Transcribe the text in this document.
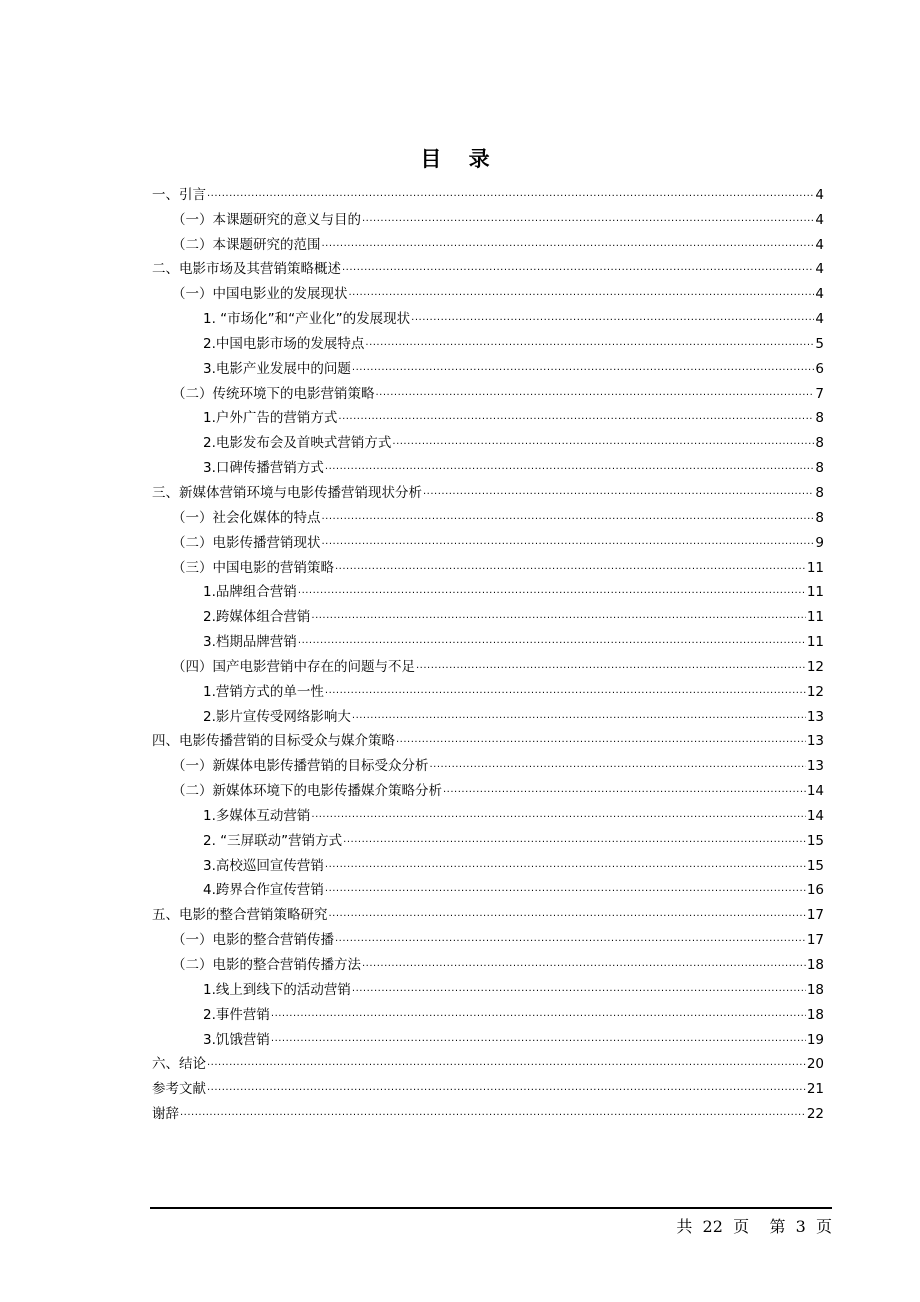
目 录
一、引言 .....	4
（一）本课题研究的意义与目的 .....	4
（二）本课题研究的范围 .....	4
二、电影市场及其营销策略概述 .....	4
（一）中国电影业的发展现状 .....	4
1. “市场化”和“产业化”的发展现状 .....	4
2.中国电影市场的发展特点 .....	5
3.电影产业发展中的问题 .....	6
（二）传统环境下的电影营销策略 .....	7
1.户外广告的营销方式 .....	8
2.电影发布会及首映式营销方式 .....	8
3.口碑传播营销方式 .....	8
三、新媒体营销环境与电影传播营销现状分析 .....	8
（一）社会化媒体的特点 .....	8
（二）电影传播营销现状 .....	9
（三）中国电影的营销策略 .....	11
1.品牌组合营销 .....	11
2.跨媒体组合营销 .....	11
3.档期品牌营销 .....	11
（四）国产电影营销中存在的问题与不足 .....	12
1.营销方式的单一性 .....	12
2.影片宣传受网络影响大 .....	13
四、电影传播营销的目标受众与媒介策略 .....	13
（一）新媒体电影传播营销的目标受众分析 .....	13
（二）新媒体环境下的电影传播媒介策略分析 .....	14
1.多媒体互动营销 .....	14
2. “三屏联动”营销方式 .....	15
3.高校巡回宣传营销 .....	15
4.跨界合作宣传营销 .....	16
五、电影的整合营销策略研究 .....	17
（一）电影的整合营销传播 .....	17
（二）电影的整合营销传播方法 .....	18
1.线上到线下的活动营销 .....	18
2.事件营销 .....	18
3.饥饿营销 .....	19
六、结论 .....	20
参考文献 .....	21
谢辞 .....	22
共 22 页 第 3 页
